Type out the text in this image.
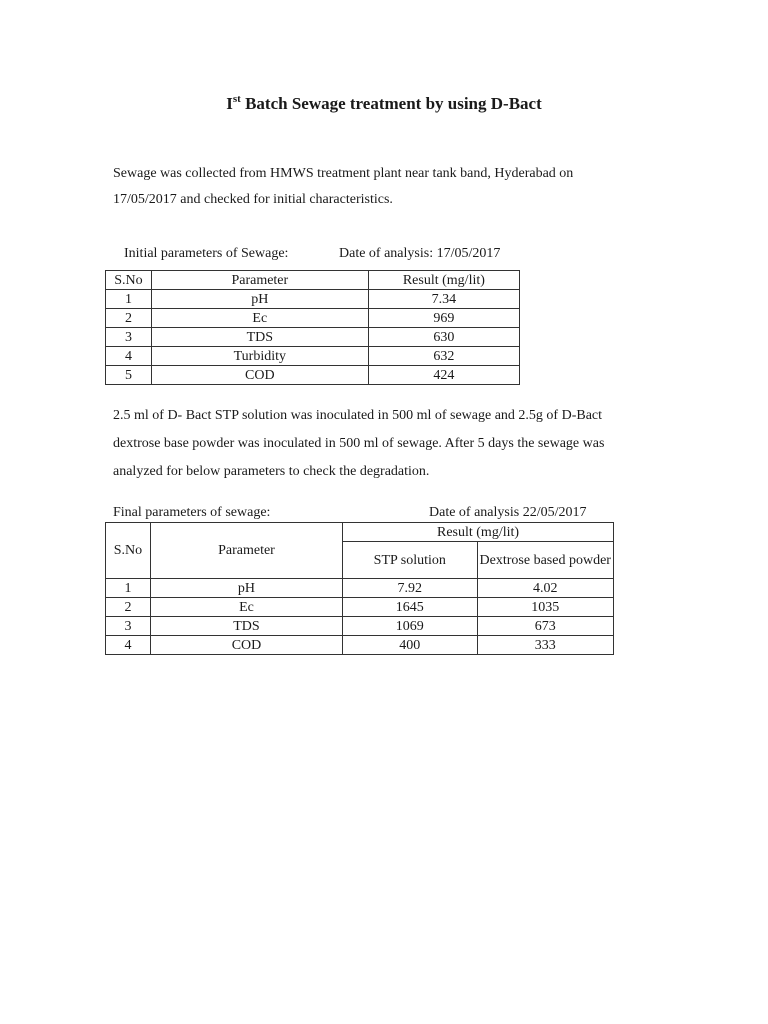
Ist Batch Sewage treatment by using D-Bact

Sewage was collected from HMWS treatment plant near tank band, Hyderabad on
17/05/2017 and checked for initial characteristics.

Initial parameters of Sewage:	Date of analysis: 17/05/2017

S.No	Parameter	Result (mg/lit)
1	pH	7.34
2	Ec	969
3	TDS	630
4	Turbidity	632
5	COD	424

2.5 ml of D- Bact STP solution was inoculated in 500 ml of sewage and 2.5g of D-Bact
dextrose base powder was inoculated in 500 ml of sewage. After 5 days the sewage was
analyzed for below parameters to check the degradation.

Final parameters of sewage:	Date of analysis 22/05/2017

S.No	Parameter	Result (mg/lit)	
		STP solution	Dextrose based powder
1	pH	7.92	4.02
2	Ec	1645	1035
3	TDS	1069	673
4	COD	400	333
